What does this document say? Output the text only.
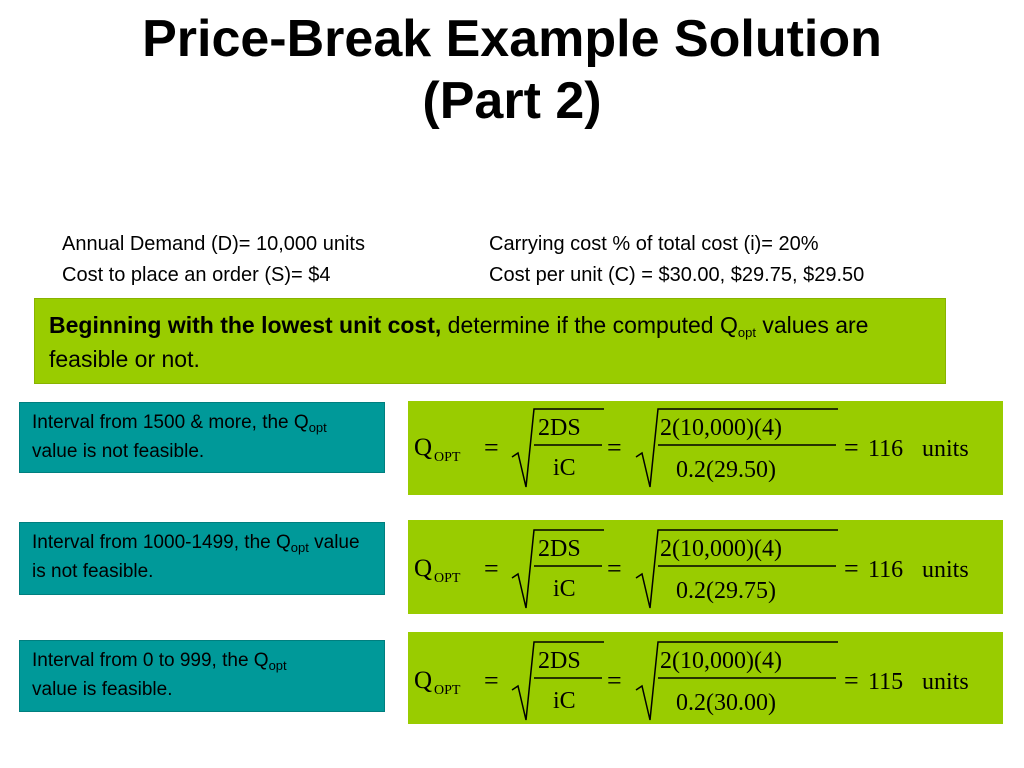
Price-Break Example Solution
(Part 2)
Annual Demand (D)= 10,000 units
Cost to place an order (S)= $4
Carrying cost % of total cost (i)= 20%
Cost per unit (C) = $30.00, $29.75, $29.50
Beginning with the lowest unit cost, determine if the computed $Q_{opt}$ values are feasible or not.
Interval from 1500 & more, the $Q_{opt}$ value is not feasible.
Interval from 1000-1499, the $Q_{opt}$ value is not feasible.
Interval from 0 to 999, the $Q_{opt}$
value is feasible.
Q OPT =
2DS
iC
=
2(10,000)(4)
0.2(29.50)
= 116 units
Q OPT =
2DS
iC
=
2(10,000)(4)
0.2(29.75)
= 116 units
Q OPT =
2DS
iC
=
2(10,000)(4)
0.2(30.00)
= 115 units
